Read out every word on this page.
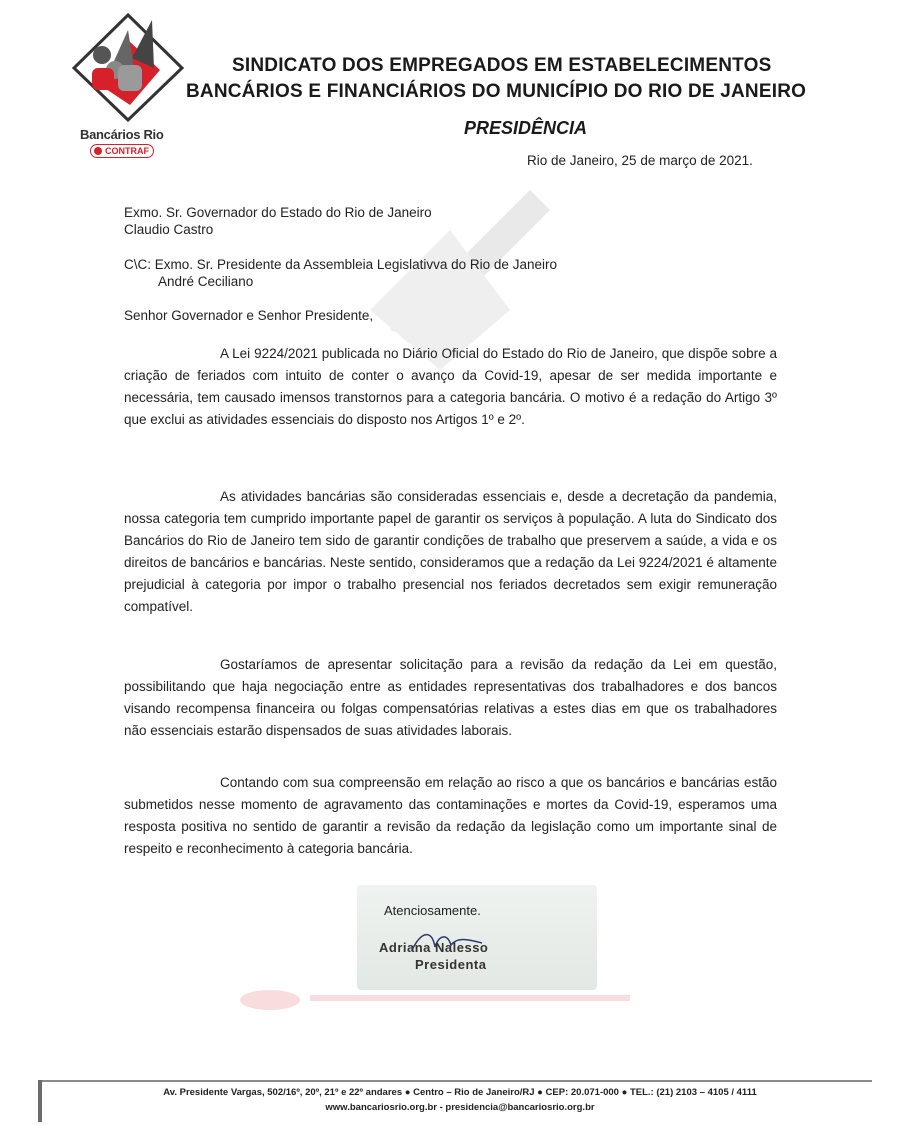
Bancários Rio
CONTRAF
SINDICATO DOS EMPREGADOS EM ESTABELECIMENTOS
BANCÁRIOS E FINANCIÁRIOS DO MUNICÍPIO DO RIO DE JANEIRO
PRESIDÊNCIA
Rio de Janeiro, 25 de março de 2021.
Exmo. Sr. Governador do Estado do Rio de Janeiro
Claudio Castro
C\C: Exmo. Sr. Presidente da Assembleia Legislativva do Rio de Janeiro
André Ceciliano
Senhor Governador e Senhor Presidente,

A Lei 9224/2021 publicada no Diário Oficial do Estado do Rio de Janeiro, que dispõe sobre a criação de feriados com intuito de conter o avanço da Covid-19, apesar de ser medida importante e necessária, tem causado imensos transtornos para a categoria bancária. O motivo é a redação do Artigo 3º que exclui as atividades essenciais do disposto nos Artigos 1º e 2º.

As atividades bancárias são consideradas essenciais e, desde a decretação da pandemia, nossa categoria tem cumprido importante papel de garantir os serviços à população. A luta do Sindicato dos Bancários do Rio de Janeiro tem sido de garantir condições de trabalho que preservem a saúde, a vida e os direitos de bancários e bancárias. Neste sentido, consideramos que a redação da Lei 9224/2021 é altamente prejudicial à categoria por impor o trabalho presencial nos feriados decretados sem exigir remuneração compatível.

Gostaríamos de apresentar solicitação para a revisão da redação da Lei em questão, possibilitando que haja negociação entre as entidades representativas dos trabalhadores e dos bancos visando recompensa financeira ou folgas compensatórias relativas a estes dias em que os trabalhadores não essenciais estarão dispensados de suas atividades laborais.

Contando com sua compreensão em relação ao risco a que os bancários e bancárias estão submetidos nesse momento de agravamento das contaminações e mortes da Covid-19, esperamos uma resposta positiva no sentido de garantir a revisão da redação da legislação como um importante sinal de respeito e reconhecimento à categoria bancária.

Atenciosamente.
Adriana Nalesso
Presidenta
Av. Presidente Vargas, 502/16º, 20º, 21º e 22º andares ● Centro – Rio de Janeiro/RJ ● CEP: 20.071-000 ● TEL.: (21) 2103 – 4105 / 4111
www.bancariosrio.org.br - presidencia@bancariosrio.org.br
